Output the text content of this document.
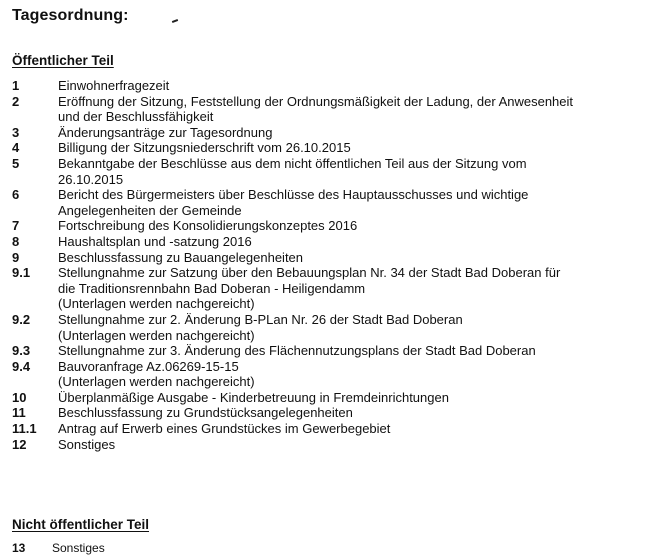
Tagesordnung:
Öffentlicher Teil
1	Einwohnerfragezeit
2	Eröffnung der Sitzung, Feststellung der Ordnungsmäßigkeit der Ladung, der Anwesenheit
und der Beschlussfähigkeit
3	Änderungsanträge zur Tagesordnung
4	Billigung der Sitzungsniederschrift vom 26.10.2015
5	Bekanntgabe der Beschlüsse aus dem nicht öffentlichen Teil aus der Sitzung vom
26.10.2015
6	Bericht des Bürgermeisters über Beschlüsse des Hauptausschusses und wichtige
Angelegenheiten der Gemeinde
7	Fortschreibung des Konsolidierungskonzeptes 2016
8	Haushaltsplan und -satzung 2016
9	Beschlussfassung zu Bauangelegenheiten
9.1	Stellungnahme zur Satzung über den Bebauungsplan Nr. 34 der Stadt Bad Doberan für
die Traditionsrennbahn Bad Doberan - Heiligendamm
(Unterlagen werden nachgereicht)
9.2	Stellungnahme zur 2. Änderung B-PLan Nr. 26 der Stadt Bad Doberan
(Unterlagen werden nachgereicht)
9.3	Stellungnahme zur 3. Änderung des Flächennutzungsplans der Stadt Bad Doberan
9.4	Bauvoranfrage Az.06269-15-15
(Unterlagen werden nachgereicht)
10	Überplanmäßige Ausgabe - Kinderbetreuung in Fremdeinrichtungen
11	Beschlussfassung zu Grundstücksangelegenheiten
11.1	Antrag auf Erwerb eines Grundstückes im Gewerbegebiet
12	Sonstiges
Nicht öffentlicher Teil
13	Sonstiges
